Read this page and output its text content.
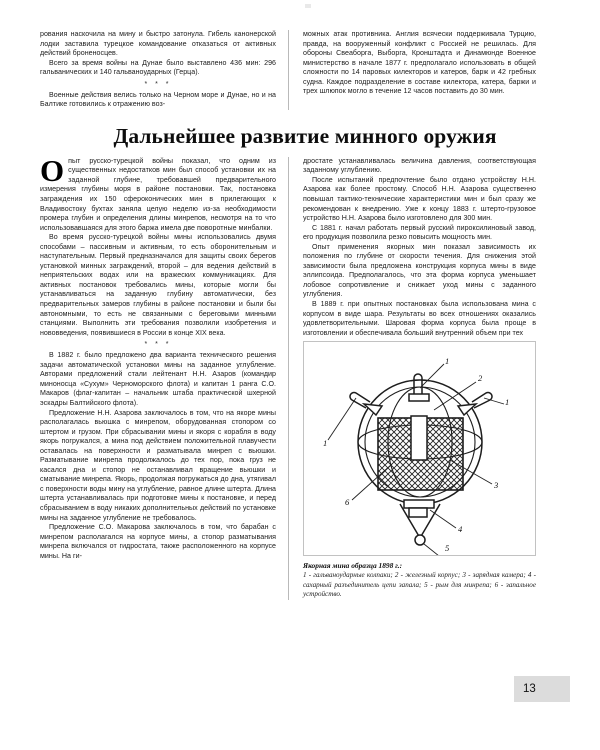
рования наскочила на мину и быстро затонула. Гибель канонерской лодки заставила турецкое командование отказаться от активных действий броненосцев.

Всего за время войны на Дунае было выставлено 436 мин: 296 гальванических и 140 гальваноударных (Герца).

* * *

Военные действия велись только на Черном море и Дунае, но и на Балтике готовились к отражению воз-

можных атак противника. Англия всячески поддерживала Турцию, правда, на вооруженный конфликт с Россией не решилась. Для обороны Свеаборга, Выборга, Кронштадта и Динамюнде Военное министерство в начале 1877 г. предполагало использовать в общей сложности по 14 паровых килекторов и катеров, барж и 42 гребных судна. Каждое подразделение в составе килектора, катера, баржи и трех шлюпок могло в течение 12 часов поставить до 30 мин.

Дальнейшее развитие минного оружия

Опыт русско-турецкой войны показал, что одним из существенных недостатков мин был способ установки их на заданной глубине, требовавшей предварительного измерения глубины моря в районе постановки. Так, постановка заграждения их 150 сфероконических мин в прилегающих к Владивостоку бухтах заняла целую неделю из-за необходимости промера глубин и определения длины минрепов, несмотря на то что использовавшаяся для этого баржа имела две поворотные минбалки.

Во время русско-турецкой войны мины использовались двумя способами – пассивным и активным, то есть оборонительным и наступательным. Первый предназначался для защиты своих берегов установкой минных заграждений, второй – для ведения действий в неприятельских водах или на вражеских коммуникациях. Для активных постановок требовались мины, которые могли бы устанавливаться на заданную глубину автоматически, без предварительных замеров глубины в районе постановки и были бы автономными, то есть не связанными с береговыми минными станциями. Выполнить эти требования позволили изобретения и нововведения, появившиеся в России в конце XIX века.

* * *

В 1882 г. было предложено два варианта технического решения задачи автоматической установки мины на заданное углубление. Авторами предложений стали лейтенант Н.Н. Азаров (командир миноносца «Сухум» Черноморского флота) и капитан 1 ранга С.О. Макаров (флаг-капитан – начальник штаба практической шхерной эскадры Балтийского флота).

Предложение Н.Н. Азарова заключалось в том, что на якоре мины располагалась вьюшка с минрепом, оборудованная стопором со штертом и грузом. При сбрасывании мины и якоря с корабля в воду якорь погружался, а мина под действием положительной плавучести оставалась на поверхности и разматывала минреп с вьюшки. Разматывание минрепа продолжалось до тех пор, пока груз не касался дна и стопор не останавливал вращение вьюшки и сматывание минрепа. Якорь, продолжая погружаться до дна, утягивал с поверхности воды мину на углубление, равное длине штерта. Длина штерта устанавливалась при подготовке мины к постановке, и перед сбрасыванием в воду никаких дополнительных действий по установке мины на заданное углубление не требовалось.

Предложение С.О. Макарова заключалось в том, что барабан с минрепом располагался на корпусе мины, а стопор разматывания минрепа включался от гидростата, также расположенного на корпусе мины. На ги-

дростате устанавливалась величина давления, соответствующая заданному углублению.

После испытаний предпочтение было отдано устройству Н.Н. Азарова как более простому. Способ Н.Н. Азарова существенно повышал тактико-технические характеристики мин и был сразу же рекомендован к внедрению. Уже к концу 1883 г. штерто-грузовое устройство Н.Н. Азарова было изготовлено для 300 мин.

С 1881 г. начал работать первый русский пироксилиновый завод, его продукция позволила резко повысить мощность мин.

Опыт применения якорных мин показал зависимость их положения по глубине от скорости течения. Для снижения этой зависимости была предложена конструкция корпуса мины в виде эллипсоида. Предполагалось, что эта форма корпуса уменьшает лобовое сопротивление и снижает уход мины с заданного углубления.

В 1889 г. при опытных постановках была использована мина с корпусом в виде шара. Результаты во всех отношениях оказались удовлетворительными. Шаровая форма корпуса была проще в изготовлении и обеспечивала больший внутренний объем при тех

1
2
1
1
3
6
4
5
Якорная мина образца 1898 г.:
1 - гальваноударные колпаки; 2 - железный корпус; 3 - зарядная камера; 4 - сахарный разъединитель цепи запала; 5 - рым для минрепа; 6 - запальное устройство.
13
